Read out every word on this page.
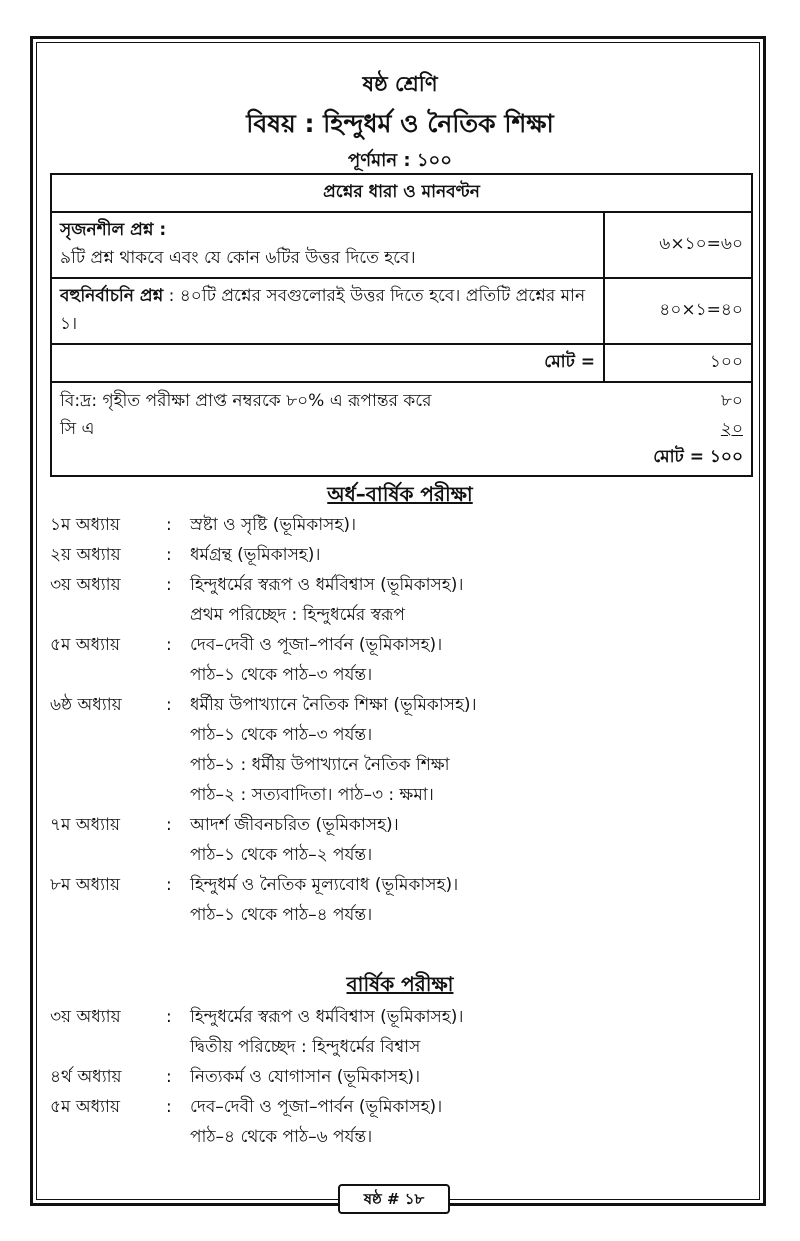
ষষ্ঠ শ্রেণি
বিষয় : হিন্দুধর্ম ও নৈতিক শিক্ষা
পূর্ণমান : ১০০
প্রশ্নের ধারা ও মানবণ্টন	

সৃজনশীল প্রশ্ন :
৯টি প্রশ্ন থাকবে এবং যে কোন ৬টির উত্তর দিতে হবে।	৬×১০=৬০
বহুনির্বাচনি প্রশ্ন : ৪০টি প্রশ্নের সবগুলোরই উত্তর দিতে হবে। প্রতিটি প্রশ্নের মান ১।	৪০×১=৪০
মোট =	১০০

বি:দ্র: গৃহীত পরীক্ষা প্রাপ্ত নম্বরকে ৮০% এ রূপান্তর করে ৮০
সি এ ২০
মোট = ১০০	
অর্ধ–বার্ষিক পরীক্ষা
১ম অধ্যায়	: স্রষ্টা ও সৃষ্টি (ভূমিকাসহ)।
২য় অধ্যায়	: ধর্মগ্রন্থ (ভূমিকাসহ)।
৩য় অধ্যায়	: হিন্দুধর্মের স্বরূপ ও ধর্মবিশ্বাস (ভূমিকাসহ)।
প্রথম পরিচ্ছেদ : হিন্দুধর্মের স্বরূপ
৫ম অধ্যায়	: দেব–দেবী ও পূজা–পার্বন (ভূমিকাসহ)।
পাঠ–১ থেকে পাঠ–৩ পর্যন্ত।
৬ষ্ঠ অধ্যায়	: ধর্মীয় উপাখ্যানে নৈতিক শিক্ষা (ভূমিকাসহ)।
পাঠ–১ থেকে পাঠ–৩ পর্যন্ত।
পাঠ–১ : ধর্মীয় উপাখ্যানে নৈতিক শিক্ষা
পাঠ–২ : সত্যবাদিতা। পাঠ–৩ : ক্ষমা।
৭ম অধ্যায়	: আদর্শ জীবনচরিত (ভূমিকাসহ)।
পাঠ–১ থেকে পাঠ–২ পর্যন্ত।
৮ম অধ্যায়	: হিন্দুধর্ম ও নৈতিক মূল্যবোধ (ভূমিকাসহ)।
পাঠ–১ থেকে পাঠ–৪ পর্যন্ত।
বার্ষিক পরীক্ষা
৩য় অধ্যায়	: হিন্দুধর্মের স্বরূপ ও ধর্মবিশ্বাস (ভূমিকাসহ)।
দ্বিতীয় পরিচ্ছেদ : হিন্দুধর্মের বিশ্বাস
৪র্থ অধ্যায়	: নিত্যকর্ম ও যোগাসান (ভূমিকাসহ)।
৫ম অধ্যায়	: দেব–দেবী ও পূজা–পার্বন (ভূমিকাসহ)।
পাঠ–৪ থেকে পাঠ–৬ পর্যন্ত।
ষষ্ঠ # ১৮
